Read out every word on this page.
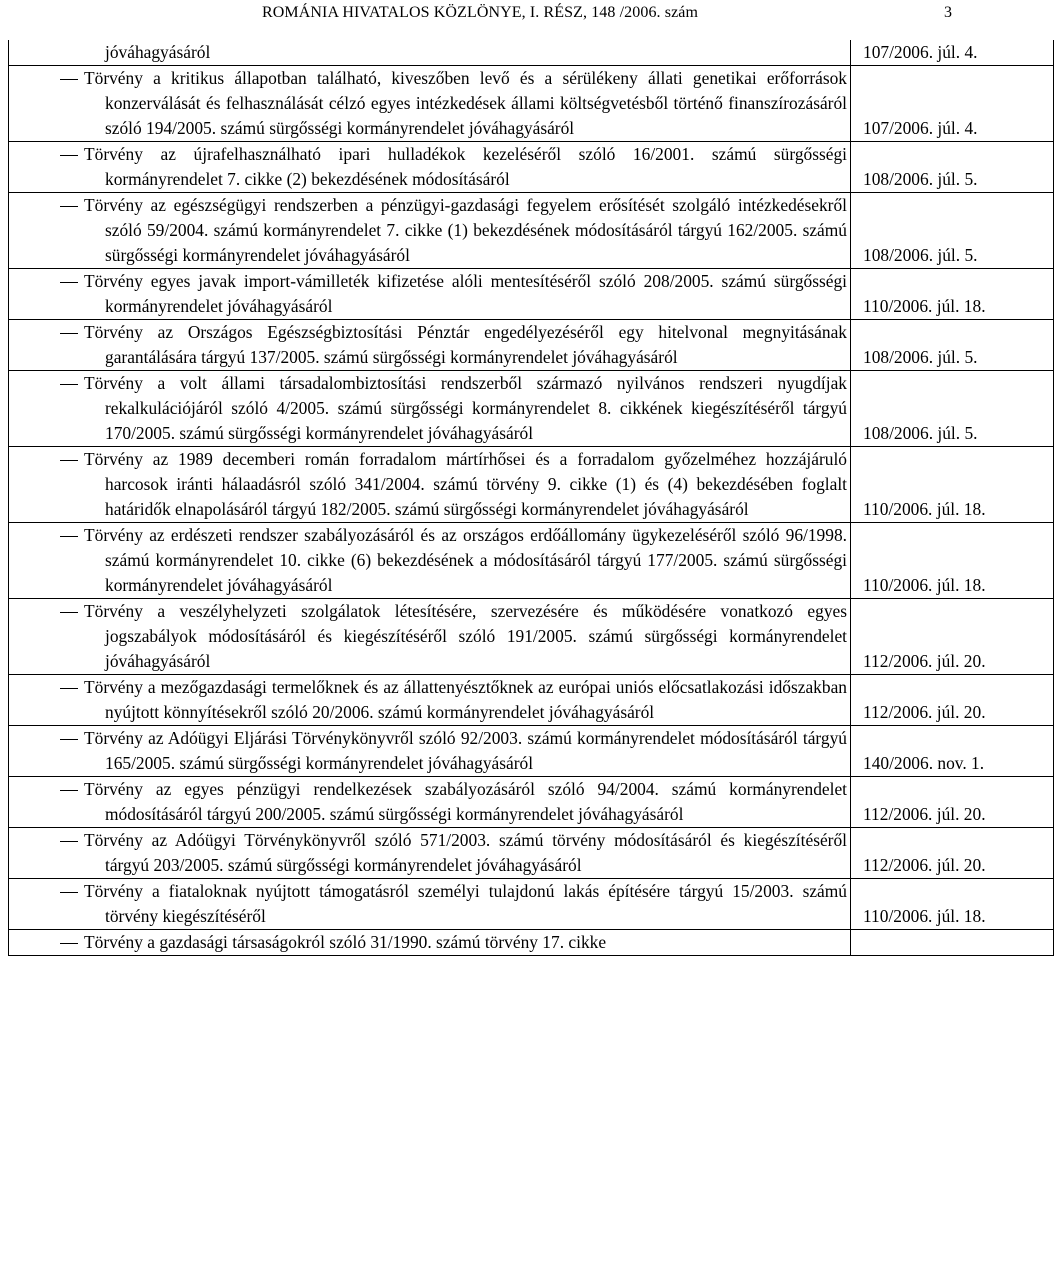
ROMÁNIA HIVATALOS KÖZLÖNYE, I. RÉSZ, 148 /2006. szám	3
jóváhagyásáról	107/2006. júl. 4.

Törvény a kritikus állapotban található, kiveszőben levő és a sérülékeny állati genetikai erőforrások konzerválását és felhasználását célzó egyes intézkedések állami költségvetésből történő finanszírozásáról szóló 194/2005. számú sürgősségi kormányrendelet jóváhagyásáról	107/2006. júl. 4.

Törvény az újrafelhasználható ipari hulladékok kezeléséről szóló 16/2001. számú sürgősségi kormányrendelet 7. cikke (2) bekezdésének módosításáról	108/2006. júl. 5.

Törvény az egészségügyi rendszerben a pénzügyi-gazdasági fegyelem erősítését szolgáló intézkedésekről szóló 59/2004. számú kormányrendelet 7. cikke (1) bekezdésének módosításáról tárgyú 162/2005. számú sürgősségi kormányrendelet jóváhagyásáról	108/2006. júl. 5.

Törvény egyes javak import-vámilleték kifizetése alóli mentesítéséről szóló 208/2005. számú sürgősségi kormányrendelet jóváhagyásáról	110/2006. júl. 18.

Törvény az Országos Egészségbiztosítási Pénztár engedélyezéséről egy hitelvonal megnyitásának garantálására tárgyú 137/2005. számú sürgősségi kormányrendelet jóváhagyásáról	108/2006. júl. 5.

Törvény a volt állami társadalombiztosítási rendszerből származó nyilvános rendszeri nyugdíjak rekalkulációjáról szóló 4/2005. számú sürgősségi kormányrendelet 8. cikkének kiegészítéséről tárgyú 170/2005. számú sürgősségi kormányrendelet jóváhagyásáról	108/2006. júl. 5.

Törvény az 1989 decemberi román forradalom mártírhősei és a forradalom győzelméhez hozzájáruló harcosok iránti hálaadásról szóló 341/2004. számú törvény 9. cikke (1) és (4) bekezdésében foglalt határidők elnapolásáról tárgyú 182/2005. számú sürgősségi kormányrendelet jóváhagyásáról	110/2006. júl. 18.

Törvény az erdészeti rendszer szabályozásáról és az országos erdőállomány ügykezeléséről szóló 96/1998. számú kormányrendelet 10. cikke (6) bekezdésének a módosításáról tárgyú 177/2005. számú sürgősségi kormányrendelet jóváhagyásáról	110/2006. júl. 18.

Törvény a veszélyhelyzeti szolgálatok létesítésére, szervezésére és működésére vonatkozó egyes jogszabályok módosításáról és kiegészítéséről szóló 191/2005. számú sürgősségi kormányrendelet jóváhagyásáról	112/2006. júl. 20.

Törvény a mezőgazdasági termelőknek és az állattenyésztőknek az európai uniós előcsatlakozási időszakban nyújtott könnyítésekről szóló 20/2006. számú kormányrendelet jóváhagyásáról	112/2006. júl. 20.

Törvény az Adóügyi Eljárási Törvénykönyvről szóló 92/2003. számú kormányrendelet módosításáról tárgyú 165/2005. számú sürgősségi kormányrendelet jóváhagyásáról	140/2006. nov. 1.

Törvény az egyes pénzügyi rendelkezések szabályozásáról szóló 94/2004. számú kormányrendelet módosításáról tárgyú 200/2005. számú sürgősségi kormányrendelet jóváhagyásáról	112/2006. júl. 20.

Törvény az Adóügyi Törvénykönyvről szóló 571/2003. számú törvény módosításáról és kiegészítéséről tárgyú 203/2005. számú sürgősségi kormányrendelet jóváhagyásáról	112/2006. júl. 20.

Törvény a fiataloknak nyújtott támogatásról személyi tulajdonú lakás építésére tárgyú 15/2003. számú törvény kiegészítéséről	110/2006. júl. 18.

Törvény a gazdasági társaságokról szóló 31/1990. számú törvény 17. cikke	
